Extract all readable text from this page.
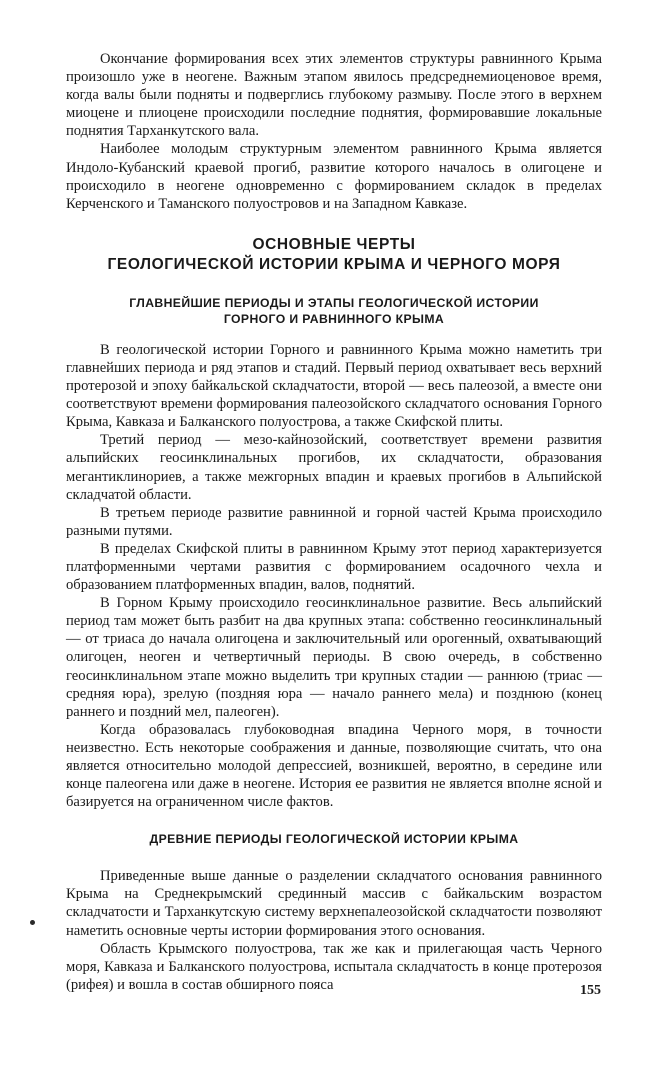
Окончание формирования всех этих элементов структуры равнинного Крыма произошло уже в неогене. Важным этапом явилось предсреднемиоценовое время, когда валы были подняты и подверглись глубокому размыву. После этого в верхнем миоцене и плиоцене происходили последние поднятия, формировавшие локальные поднятия Тарханкутского вала.

Наиболее молодым структурным элементом равнинного Крыма является Индоло-Кубанский краевой прогиб, развитие которого началось в олигоцене и происходило в неогене одновременно с формированием складок в пределах Керченского и Таманского полуостровов и на Западном Кавказе.

ОСНОВНЫЕ ЧЕРТЫ
ГЕОЛОГИЧЕСКОЙ ИСТОРИИ КРЫМА И ЧЕРНОГО МОРЯ
ГЛАВНЕЙШИЕ ПЕРИОДЫ И ЭТАПЫ ГЕОЛОГИЧЕСКОЙ ИСТОРИИ
ГОРНОГО И РАВНИННОГО КРЫМА

В геологической истории Горного и равнинного Крыма можно наметить три главнейших периода и ряд этапов и стадий. Первый период охватывает весь верхний протерозой и эпоху байкальской складчатости, второй — весь палеозой, а вместе они соответствуют времени формирования палеозойского складчатого основания Горного Крыма, Кавказа и Балканского полуострова, а также Скифской плиты.

Третий период — мезо-кайнозойский, соответствует времени развития альпийских геосинклинальных прогибов, их складчатости, образования мегантиклинориев, а также межгорных впадин и краевых прогибов в Альпийской складчатой области.

В третьем периоде развитие равнинной и горной частей Крыма происходило разными путями.

В пределах Скифской плиты в равнинном Крыму этот период характеризуется платформенными чертами развития с формированием осадочного чехла и образованием платформенных впадин, валов, поднятий.

В Горном Крыму происходило геосинклинальное развитие. Весь альпийский период там может быть разбит на два крупных этапа: собственно геосинклинальный — от триаса до начала олигоцена и заключительный или орогенный, охватывающий олигоцен, неоген и четвертичный периоды. В свою очередь, в собственно геосинклинальном этапе можно выделить три крупных стадии — раннюю (триас — средняя юра), зрелую (поздняя юра — начало раннего мела) и позднюю (конец раннего и поздний мел, палеоген).

Когда образовалась глубоководная впадина Черного моря, в точности неизвестно. Есть некоторые соображения и данные, позволяющие считать, что она является относительно молодой депрессией, возникшей, вероятно, в середине или конце палеогена или даже в неогене. История ее развития не является вполне ясной и базируется на ограниченном числе фактов.

ДРЕВНИЕ ПЕРИОДЫ ГЕОЛОГИЧЕСКОЙ ИСТОРИИ КРЫМА

Приведенные выше данные о разделении складчатого основания равнинного Крыма на Среднекрымский срединный массив с байкальским возрастом складчатости и Тарханкутскую систему верхнепалеозойской складчатости позволяют наметить основные черты истории формирования этого основания.

Область Крымского полуострова, так же как и прилегающая часть Черного моря, Кавказа и Балканского полуострова, испытала складчатость в конце протерозоя (рифея) и вошла в состав обширного пояса	155
